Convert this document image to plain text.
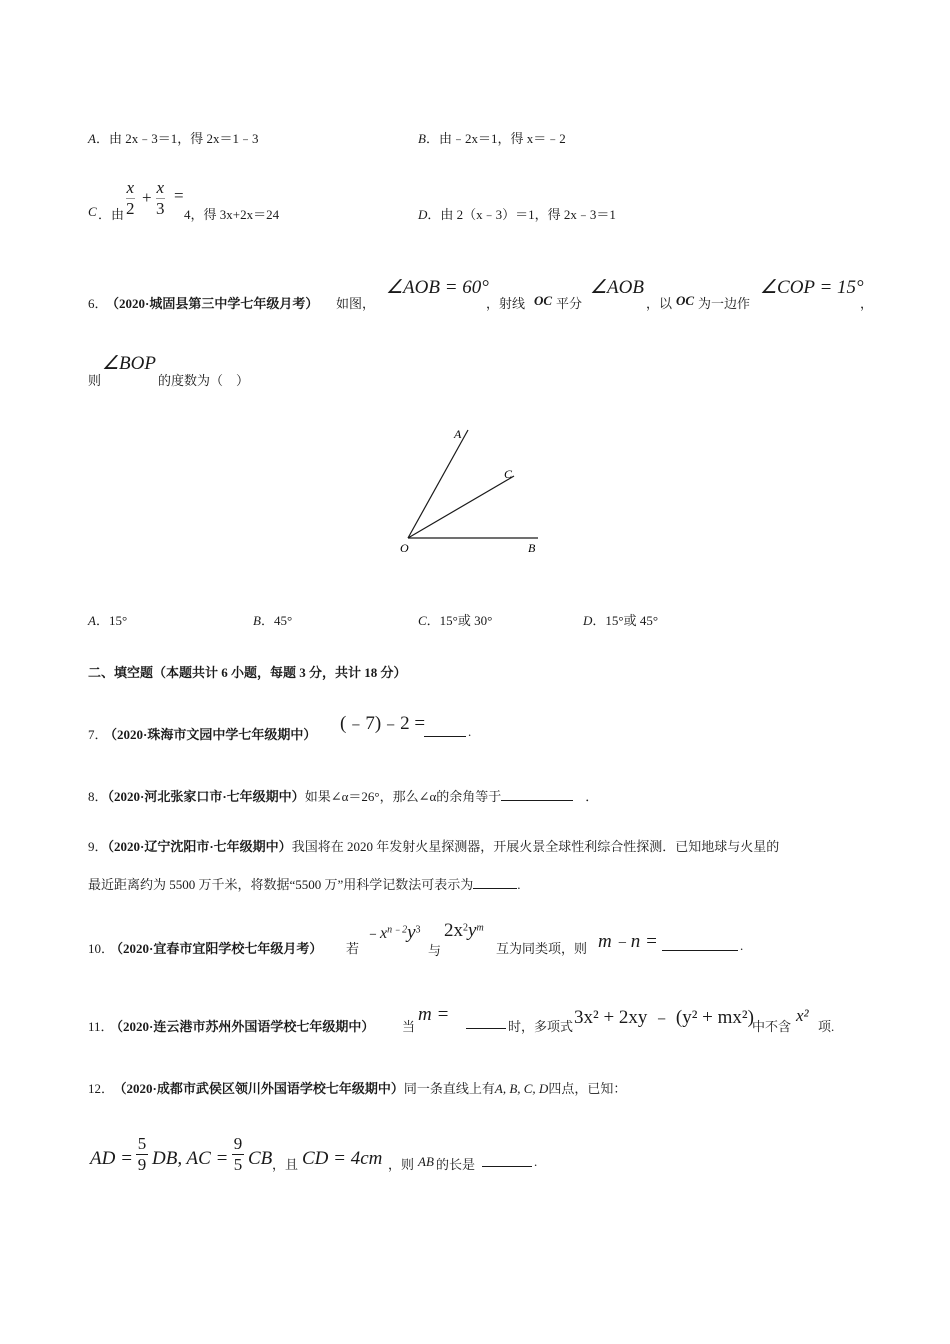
A．由 2x﹣3＝1，得 2x＝1﹣3	B．由﹣2x＝1，得 x＝﹣2
C ．由 $\frac{x}{2} + \frac{x}{3}$ =
4，得 3x+2x＝24	D．由 2（x﹣3）＝1，得 2x﹣3＝1
6．
（2020·城固县第三中学七年级月考） 如图，
∠AOB = 60°
，射线 OC 平分
∠AOB
，以 OC 为一边作
∠COP = 15°
，
则
∠BOP
的度数为（　）
A
C
O	B
A．15°	B．45°	C．15°或 30°	D．15°或 45°
二、填空题（本题共计 6 小题，每题 3 分，共计 18 分）
7．
（2020·珠海市文园中学七年级期中）
(﹣7)﹣2 =	.
8．（2020·河北张家口市·七年级期中）如果∠α＝26°，那么∠α的余角等于	．
9．（2020·辽宁沈阳市·七年级期中）我国将在 2020 年发射火星探测器，开展火景全球性利综合性探测．已知地球与火星的
最近距离约为 5500 万千米，将数据“5500 万”用科学记数法可表示为	.
10．
（2020·宜春市宜阳学校七年级月考） 若
$﹣x^{n﹣2}y^3$
与
$2x^2y^m$
互为同类项，则 m﹣n =	.
11．
（2020·连云港市苏州外国语学校七年级期中） 当
m =
时，多项式 3x² + 2xy ﹣ (y² + mx²)
中不含
x²
项.
12． （2020·成都市武侯区领川外国语学校七年级期中）同一条直线上有A, B, C, D四点，已知：
AD = $\frac{5}{9}$ DB, AC = $\frac{9}{5}$ CB ，且 CD = 4cm ，则 AB 的长是	.
